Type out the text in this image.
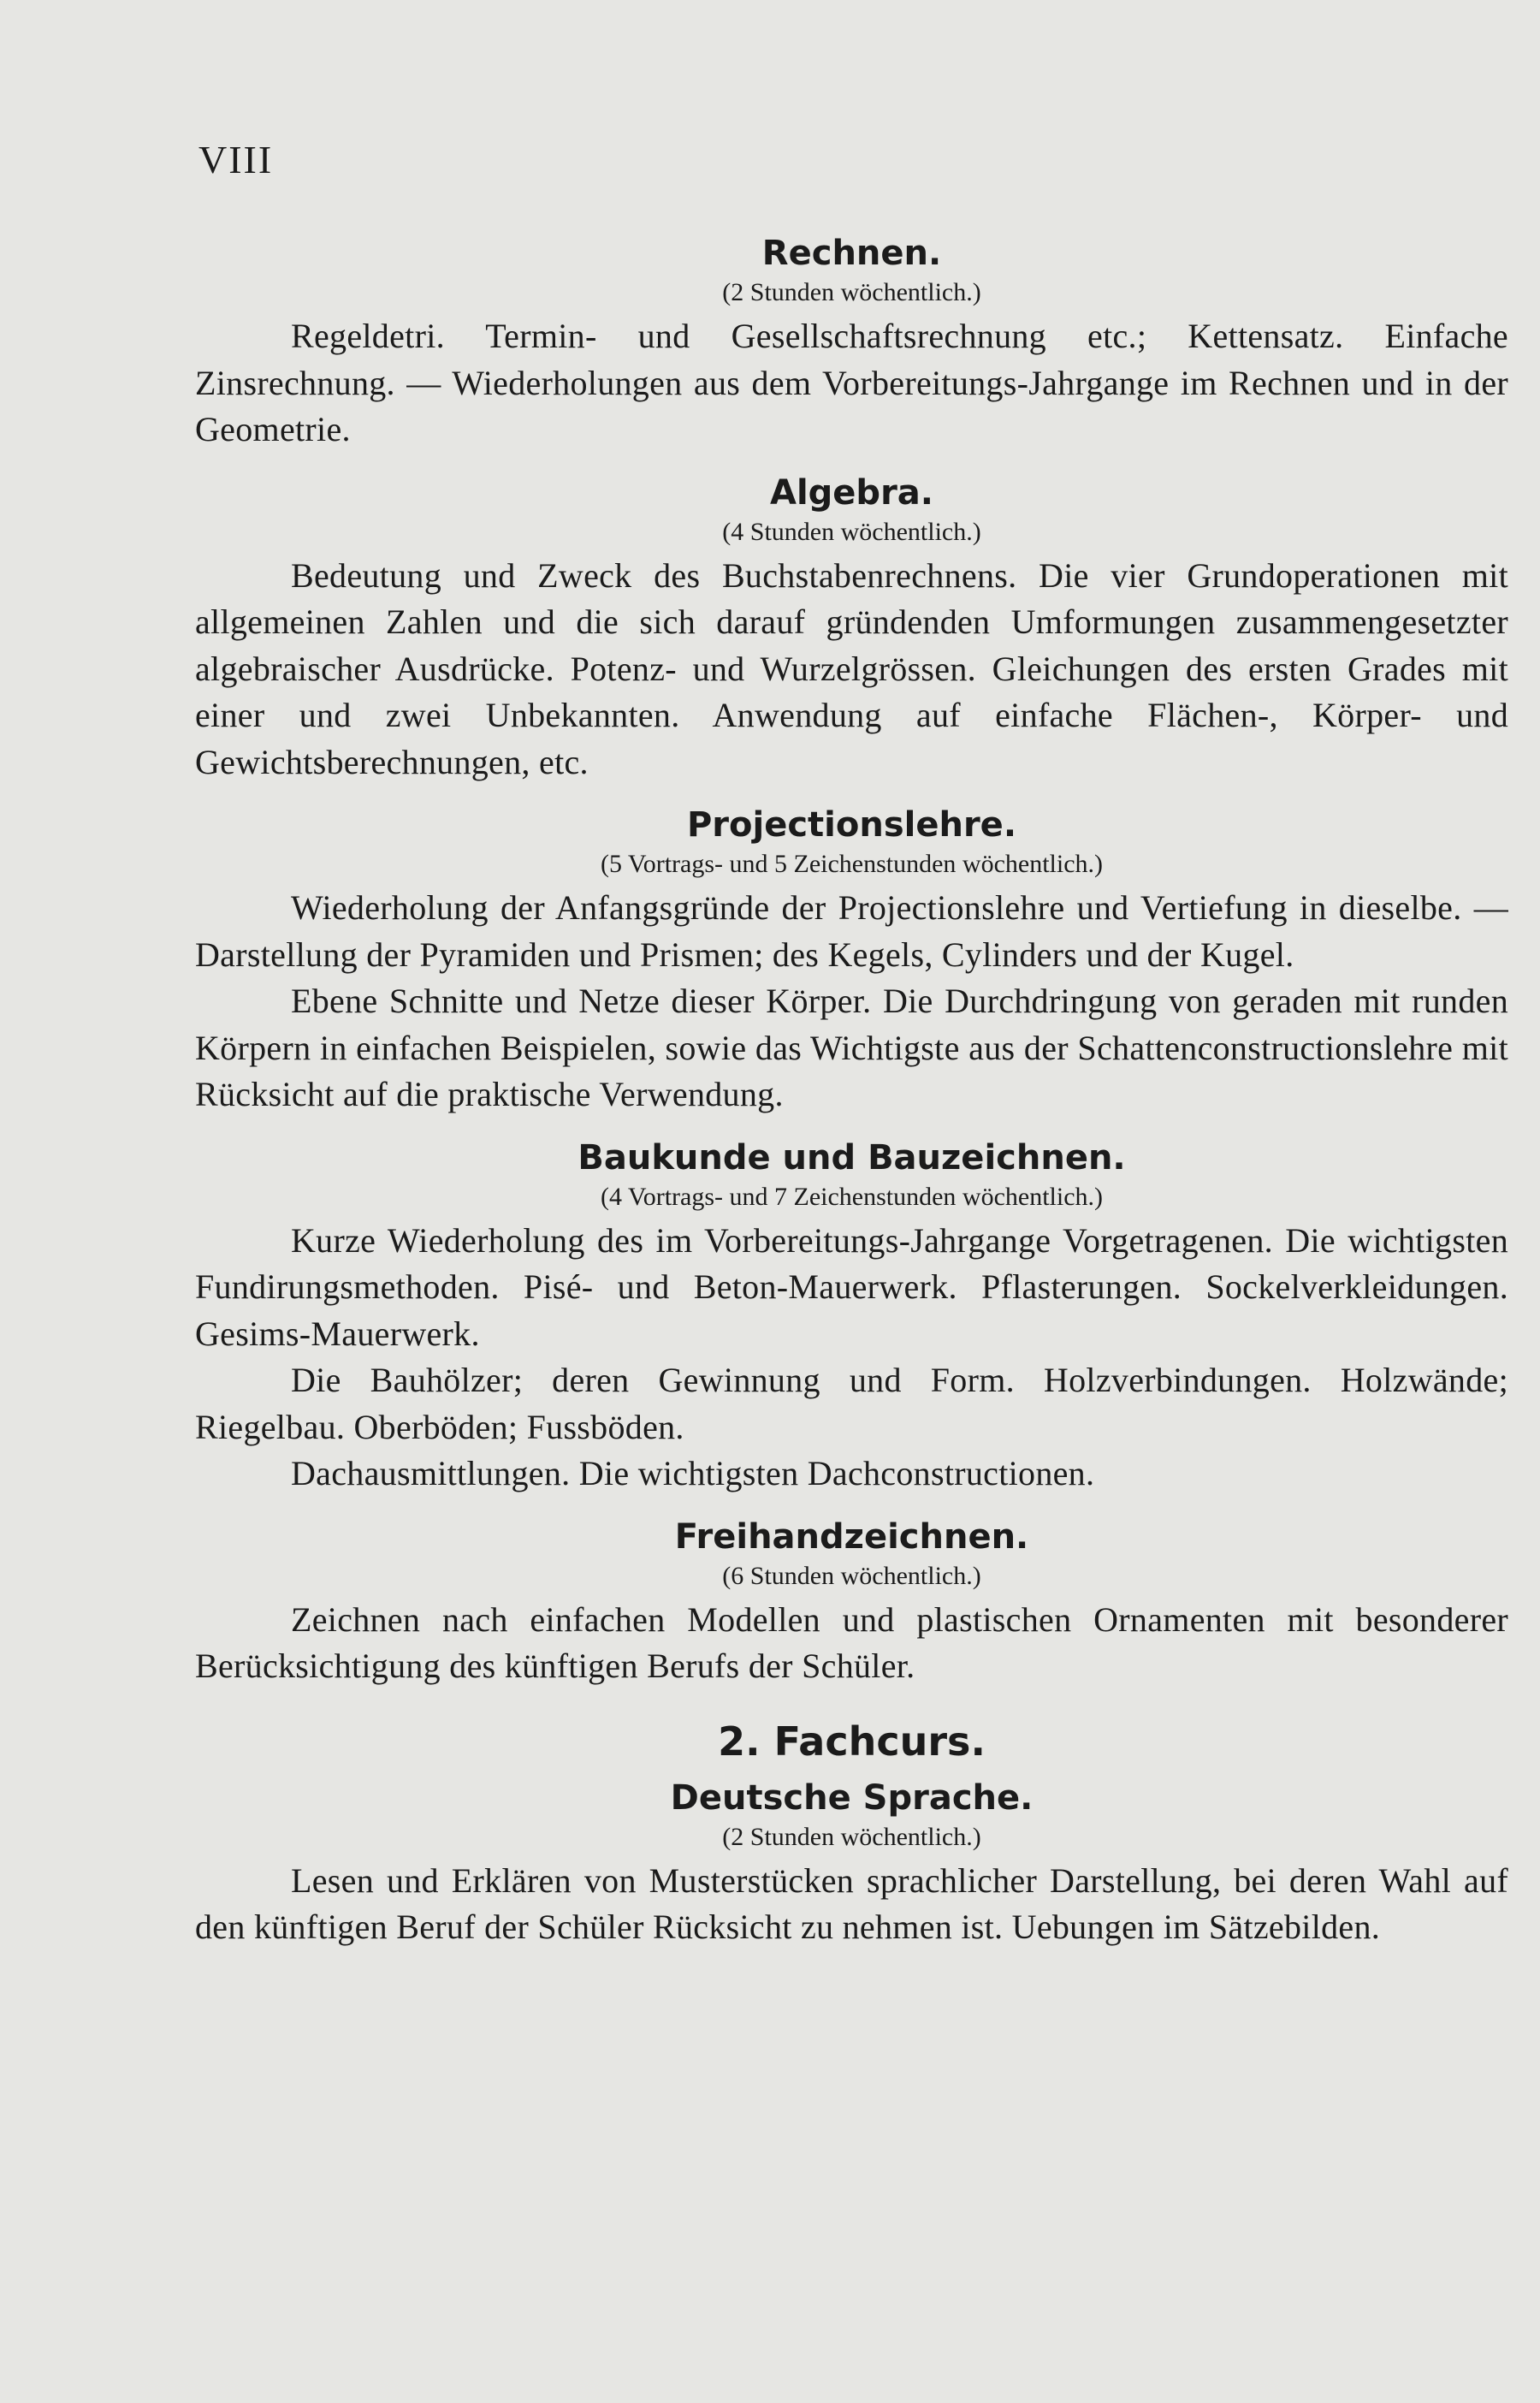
VIII
Rechnen.

(2 Stunden wöchentlich.)

Regeldetri. Termin- und Gesellschaftsrechnung etc.; Kettensatz. Einfache Zinsrechnung. — Wiederholungen aus dem Vorbereitungs-Jahrgange im Rechnen und in der Geometrie.

Algebra.

(4 Stunden wöchentlich.)

Bedeutung und Zweck des Buchstabenrechnens. Die vier Grundoperationen mit allgemeinen Zahlen und die sich darauf gründenden Umformungen zusammengesetzter algebraischer Ausdrücke. Potenz- und Wurzelgrössen. Gleichungen des ersten Grades mit einer und zwei Unbekannten. Anwendung auf einfache Flächen-, Körper- und Gewichtsberechnungen, etc.

Projectionslehre.

(5 Vortrags- und 5 Zeichenstunden wöchentlich.)

Wiederholung der Anfangsgründe der Projectionslehre und Vertiefung in dieselbe. — Darstellung der Pyramiden und Prismen; des Kegels, Cylinders und der Kugel.

Ebene Schnitte und Netze dieser Körper. Die Durchdringung von geraden mit runden Körpern in einfachen Beispielen, sowie das Wichtigste aus der Schattenconstructionslehre mit Rücksicht auf die praktische Verwendung.

Baukunde und Bauzeichnen.

(4 Vortrags- und 7 Zeichenstunden wöchentlich.)

Kurze Wiederholung des im Vorbereitungs-Jahrgange Vorgetragenen. Die wichtigsten Fundirungsmethoden. Pisé- und Beton-Mauerwerk. Pflasterungen. Sockelverkleidungen. Gesims-Mauerwerk.

Die Bauhölzer; deren Gewinnung und Form. Holzverbindungen. Holzwände; Riegelbau. Oberböden; Fussböden.

Dachausmittlungen. Die wichtigsten Dachconstructionen.

Freihandzeichnen.

(6 Stunden wöchentlich.)

Zeichnen nach einfachen Modellen und plastischen Ornamenten mit besonderer Berücksichtigung des künftigen Berufs der Schüler.

2. Fachcurs.
Deutsche Sprache.

(2 Stunden wöchentlich.)

Lesen und Erklären von Musterstücken sprachlicher Darstellung, bei deren Wahl auf den künftigen Beruf der Schüler Rücksicht zu nehmen ist. Uebungen im Sätzebilden.
